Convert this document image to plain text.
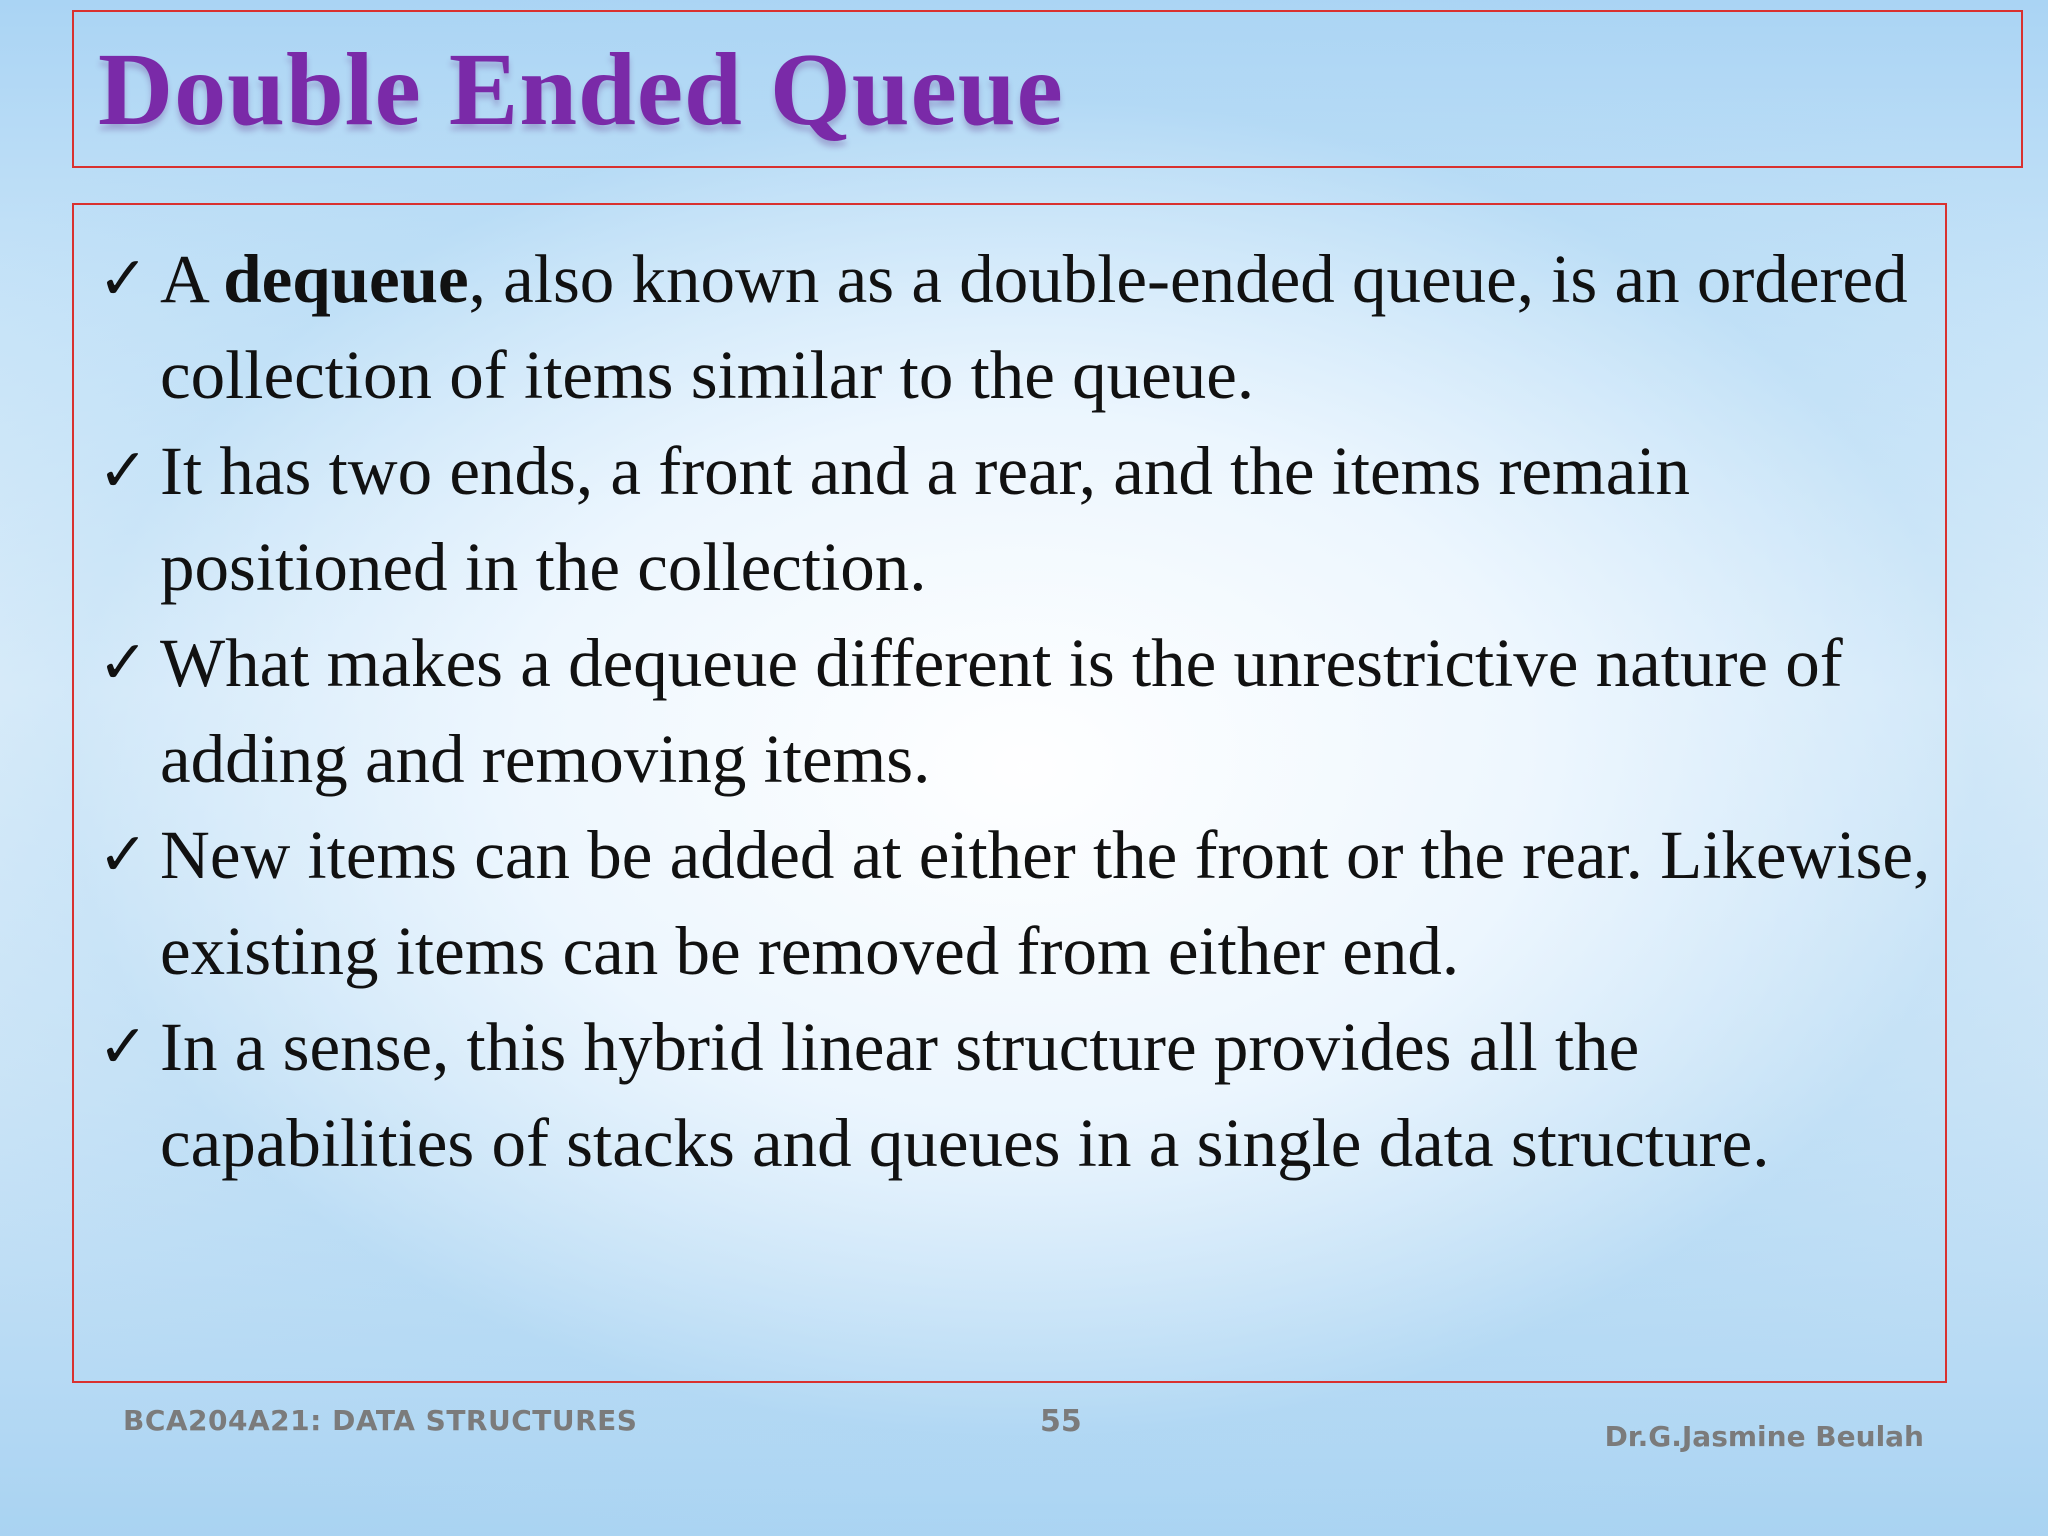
Double Ended Queue
✓ A dequeue, also known as a double-ended queue, is an ordered collection of items similar to the queue.
✓ It has two ends, a front and a rear, and the items remain positioned in the collection.
✓ What makes a dequeue different is the unrestrictive nature of adding and removing items.
✓ New items can be added at either the front or the rear. Likewise, existing items can be removed from either end.
✓ In a sense, this hybrid linear structure provides all the capabilities of stacks and queues in a single data structure.
BCA204A21: DATA STRUCTURES	55	Dr.G.Jasmine Beulah
